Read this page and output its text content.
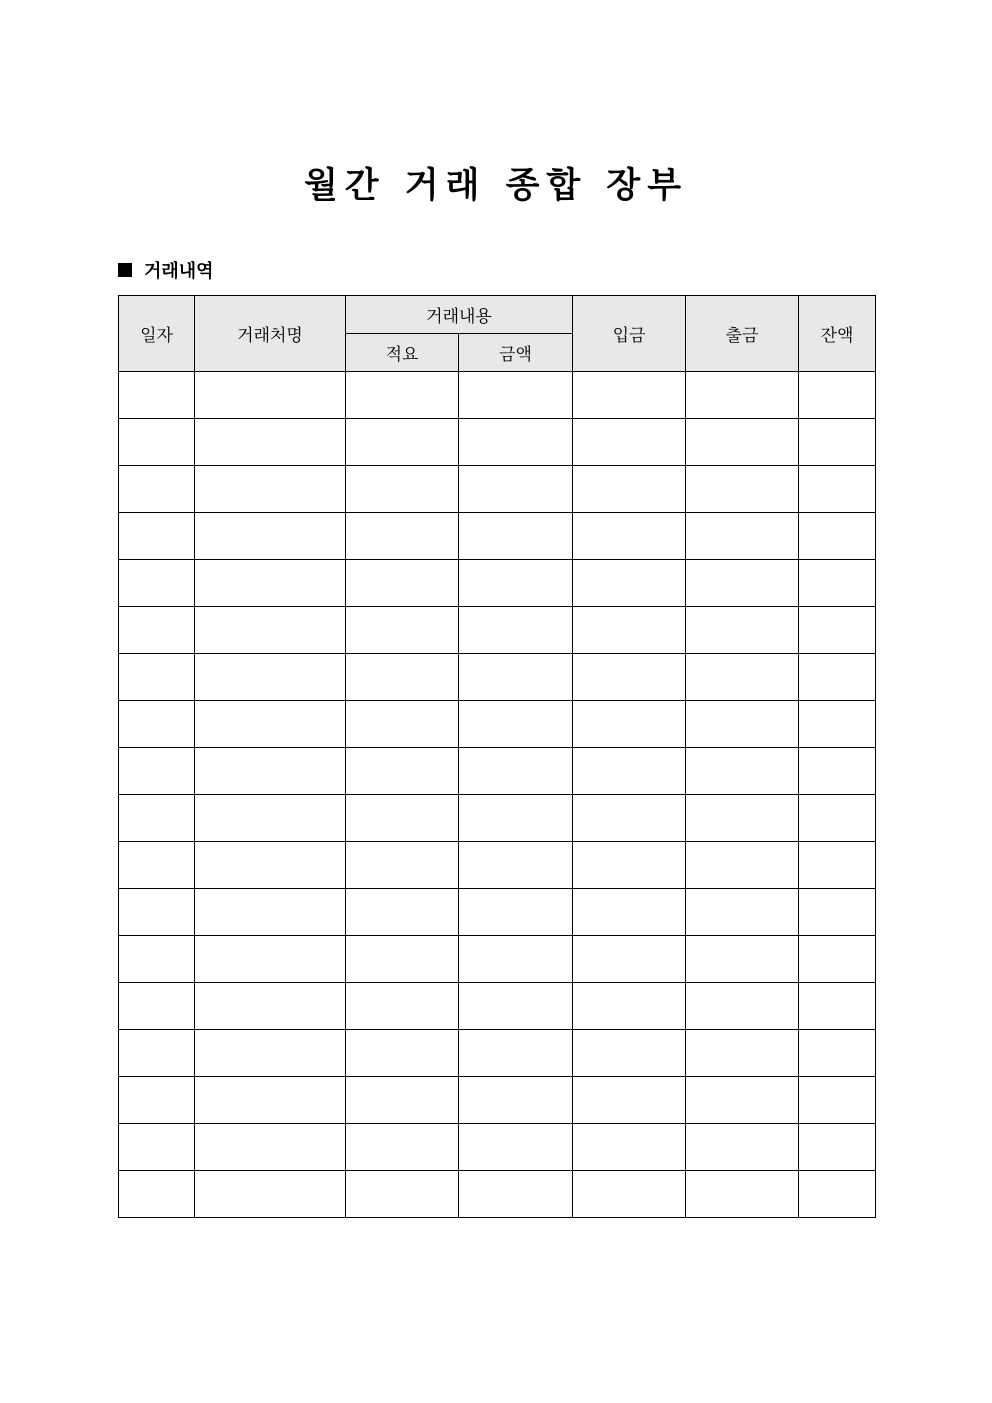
월간 거래 종합 장부
거래내역
일자	거래처명	거래내용		입금	출금	잔액
		적요	금액			
